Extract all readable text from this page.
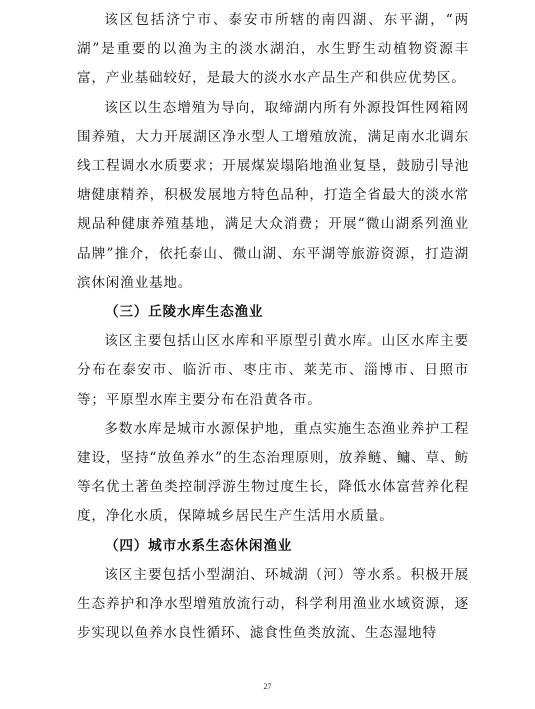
该区包括济宁市、泰安市所辖的南四湖、东平湖，“两湖”是重要的以渔为主的淡水湖泊，水生野生动植物资源丰富，产业基础较好，是最大的淡水水产品生产和供应优势区。

该区以生态增殖为导向，取缔湖内所有外源投饵性网箱网围养殖，大力开展湖区净水型人工增殖放流，满足南水北调东线工程调水水质要求；开展煤炭塌陷地渔业复垦，鼓励引导池塘健康精养，积极发展地方特色品种，打造全省最大的淡水常规品种健康养殖基地，满足大众消费；开展“微山湖系列渔业品牌”推介，依托泰山、微山湖、东平湖等旅游资源，打造湖滨休闲渔业基地。

（三）丘陵水库生态渔业

该区主要包括山区水库和平原型引黄水库。山区水库主要分布在泰安市、临沂市、枣庄市、莱芜市、淄博市、日照市等；平原型水库主要分布在沿黄各市。

多数水库是城市水源保护地，重点实施生态渔业养护工程建设，坚持“放鱼养水”的生态治理原则，放养鲢、鳙、草、鲂等名优土著鱼类控制浮游生物过度生长，降低水体富营养化程度，净化水质，保障城乡居民生产生活用水质量。

（四）城市水系生态休闲渔业

该区主要包括小型湖泊、环城湖（河）等水系。积极开展生态养护和净水型增殖放流行动，科学利用渔业水域资源，逐步实现以鱼养水良性循环、滤食性鱼类放流、生态湿地特

27
